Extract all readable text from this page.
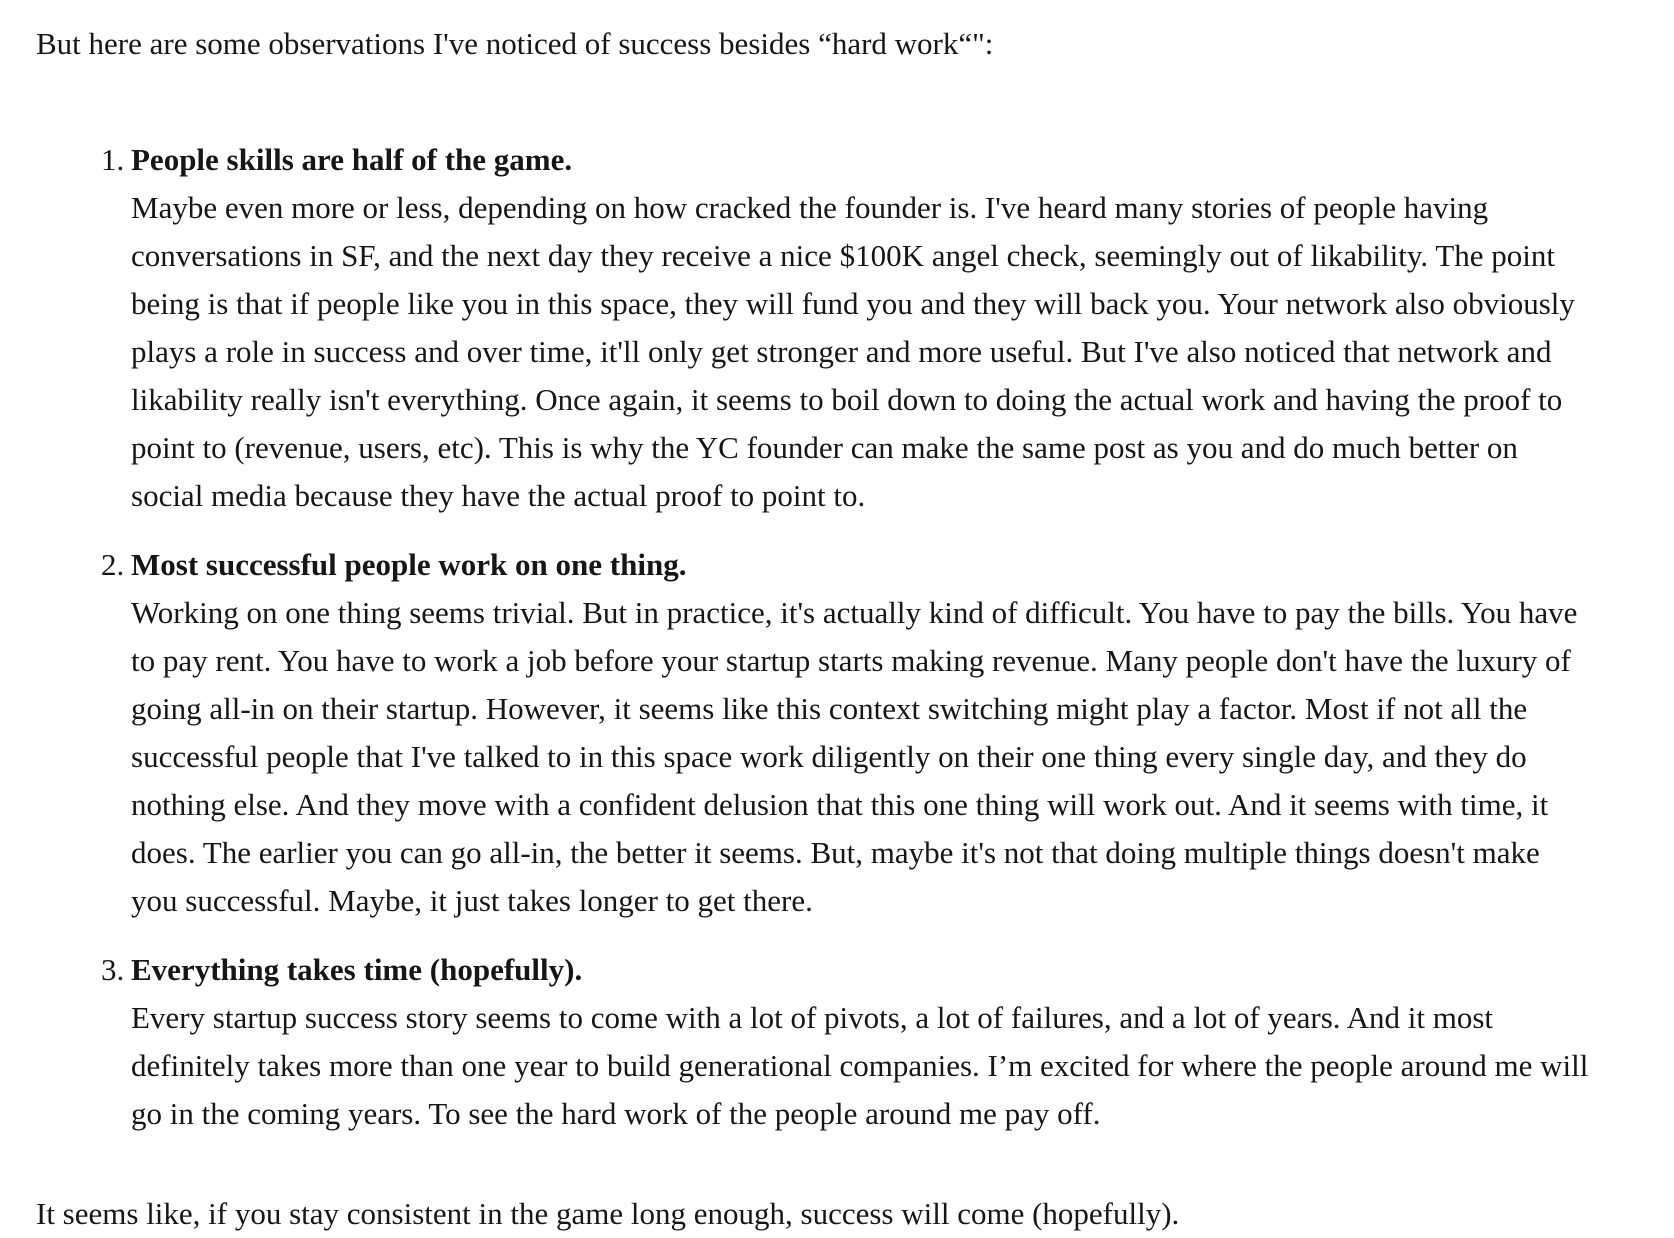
But here are some observations I've noticed of success besides “hard work“":

1. People skills are half of the game.

Maybe even more or less, depending on how cracked the founder is. I've heard many stories of people having
conversations in SF, and the next day they receive a nice $100K angel check, seemingly out of likability. The point
being is that if people like you in this space, they will fund you and they will back you. Your network also obviously
plays a role in success and over time, it'll only get stronger and more useful. But I've also noticed that network and
likability really isn't everything. Once again, it seems to boil down to doing the actual work and having the proof to
point to (revenue, users, etc). This is why the YC founder can make the same post as you and do much better on
social media because they have the actual proof to point to.

2. Most successful people work on one thing.

Working on one thing seems trivial. But in practice, it's actually kind of difficult. You have to pay the bills. You have
to pay rent. You have to work a job before your startup starts making revenue. Many people don't have the luxury of
going all-in on their startup. However, it seems like this context switching might play a factor. Most if not all the
successful people that I've talked to in this space work diligently on their one thing every single day, and they do
nothing else. And they move with a confident delusion that this one thing will work out. And it seems with time, it
does. The earlier you can go all-in, the better it seems. But, maybe it's not that doing multiple things doesn't make
you successful. Maybe, it just takes longer to get there.

3. Everything takes time (hopefully).

Every startup success story seems to come with a lot of pivots, a lot of failures, and a lot of years. And it most
definitely takes more than one year to build generational companies. I’m excited for where the people around me will
go in the coming years. To see the hard work of the people around me pay off.

It seems like, if you stay consistent in the game long enough, success will come (hopefully).
